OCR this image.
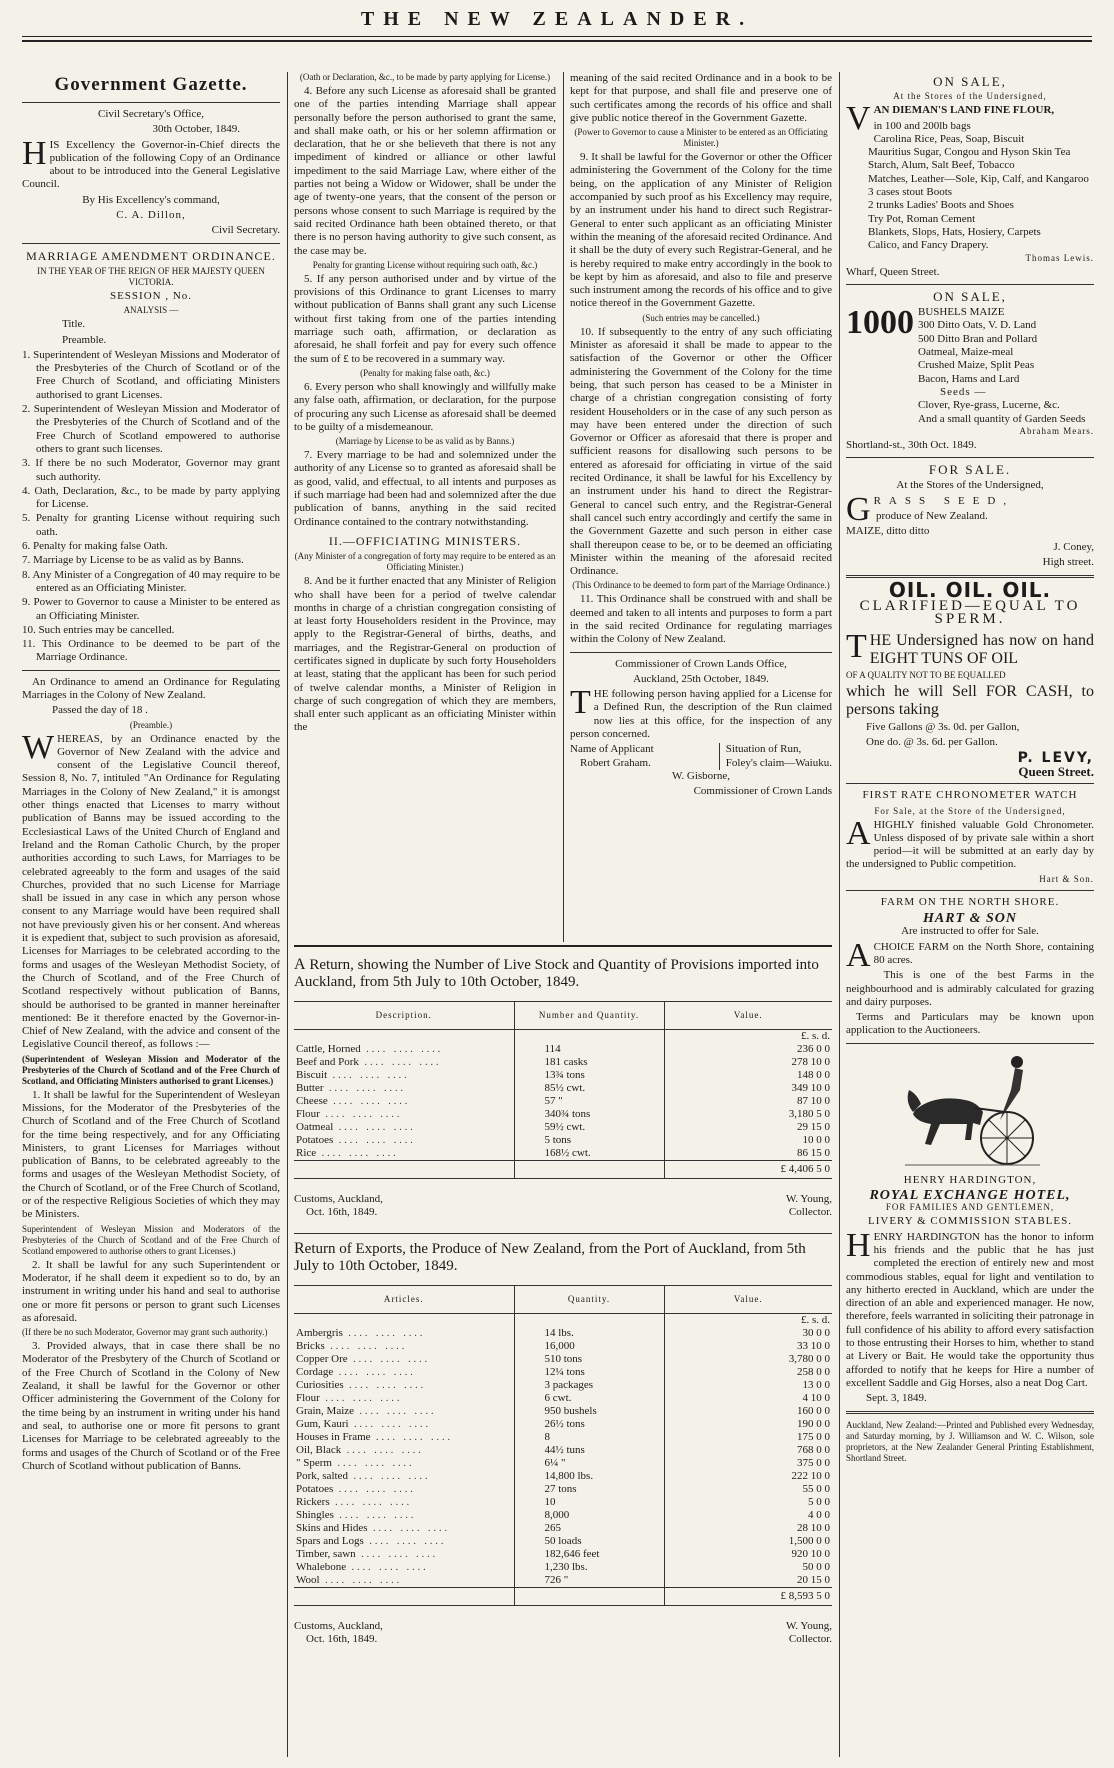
THE NEW ZEALANDER.
Government Gazette.

Civil Secretary's Office,

30th October, 1849.

HIS Excellency the Governor-in-Chief directs the publication of the following Copy of an Ordinance about to be introduced into the General Legislative Council.

By His Excellency's command,

C. A. Dillon,

Civil Secretary.

MARRIAGE AMENDMENT ORDINANCE.

IN THE YEAR OF THE REIGN OF HER MAJESTY QUEEN VICTORIA.

SESSION , No.

ANALYSIS —

Title.

Preamble.

1. Superintendent of Wesleyan Missions and Moderator of the Presbyteries of the Church of Scotland or of the Free Church of Scotland, and officiating Ministers authorised to grant Licenses.
2. Superintendent of Wesleyan Mission and Moderator of the Presbyteries of the Church of Scotland and of the Free Church of Scotland empowered to authorise others to grant such licenses.
3. If there be no such Moderator, Governor may grant such authority.
4. Oath, Declaration, &c., to be made by party applying for License.
5. Penalty for granting License without requiring such oath.
6. Penalty for making false Oath.
7. Marriage by License to be as valid as by Banns.
8. Any Minister of a Congregation of 40 may require to be entered as an Officiating Minister.
9. Power to Governor to cause a Minister to be entered as an Officiating Minister.
10. Such entries may be cancelled.
11. This Ordinance to be deemed to be part of the Marriage Ordinance.

An Ordinance to amend an Ordinance for Regulating Marriages in the Colony of New Zealand.

Passed the day of 18 .

(Preamble.)

WHEREAS, by an Ordinance enacted by the Governor of New Zealand with the advice and consent of the Legislative Council thereof, Session 8, No. 7, intituled "An Ordinance for Regulating Marriages in the Colony of New Zealand," it is amongst other things enacted that Licenses to marry without publication of Banns may be issued according to the Ecclesiastical Laws of the United Church of England and Ireland and the Roman Catholic Church, by the proper authorities according to such Laws, for Marriages to be celebrated agreeably to the form and usages of the said Churches, provided that no such License for Marriage shall be issued in any case in which any person whose consent to any Marriage would have been required shall not have previously given his or her consent. And whereas it is expedient that, subject to such provision as aforesaid, Licenses for Marriages to be celebrated according to the forms and usages of the Wesleyan Methodist Society, of the Church of Scotland, and of the Free Church of Scotland respectively without publication of Banns, should be authorised to be granted in manner hereinafter mentioned: Be it therefore enacted by the Governor-in-Chief of New Zealand, with the advice and consent of the Legislative Council thereof, as follows :—

(Superintendent of Wesleyan Mission and Moderator of the Presbyteries of the Church of Scotland and of the Free Church of Scotland, and Officiating Ministers authorised to grant Licenses.)

1. It shall be lawful for the Superintendent of Wesleyan Missions, for the Moderator of the Presbyteries of the Church of Scotland and of the Free Church of Scotland for the time being respectively, and for any Officiating Ministers, to grant Licenses for Marriages without publication of Banns, to be celebrated agreeably to the forms and usages of the Wesleyan Methodist Society, of the Church of Scotland, or of the Free Church of Scotland, or of the respective Religious Societies of which they may be Ministers.

Superintendent of Wesleyan Mission and Moderators of the Presbyteries of the Church of Scotland and of the Free Church of Scotland empowered to authorise others to grant Licenses.)

2. It shall be lawful for any such Superintendent or Moderator, if he shall deem it expedient so to do, by an instrument in writing under his hand and seal to authorise one or more fit persons or person to grant such Licenses as aforesaid.

(If there be no such Moderator, Governor may grant such authority.)

3. Provided always, that in case there shall be no Moderator of the Presbytery of the Church of Scotland or of the Free Church of Scotland in the Colony of New Zealand, it shall be lawful for the Governor or other Officer administering the Government of the Colony for the time being by an instrument in writing under his hand and seal, to authorise one or more fit persons to grant Licenses for Marriage to be celebrated agreeably to the forms and usages of the Church of Scotland or of the Free Church of Scotland without publication of Banns.

(Oath or Declaration, &c., to be made by party applying for License.)

4. Before any such License as aforesaid shall be granted one of the parties intending Marriage shall appear personally before the person authorised to grant the same, and shall make oath, or his or her solemn affirmation or declaration, that he or she believeth that there is not any impediment of kindred or alliance or other lawful impediment to the said Marriage Law, where either of the parties not being a Widow or Widower, shall be under the age of twenty-one years, that the consent of the person or persons whose consent to such Marriage is required by the said recited Ordinance hath been obtained thereto, or that there is no person having authority to give such consent, as the case may be.

Penalty for granting License without requiring such oath, &c.)

5. If any person authorised under and by virtue of the provisions of this Ordinance to grant Licenses to marry without publication of Banns shall grant any such License without first taking from one of the parties intending marriage such oath, affirmation, or declaration as aforesaid, he shall forfeit and pay for every such offence the sum of £ to be recovered in a summary way.

(Penalty for making false oath, &c.)

6. Every person who shall knowingly and willfully make any false oath, affirmation, or declaration, for the purpose of procuring any such License as aforesaid shall be deemed to be guilty of a misdemeanour.

(Marriage by License to be as valid as by Banns.)

7. Every marriage to be had and solemnized under the authority of any License so to granted as aforesaid shall be as good, valid, and effectual, to all intents and purposes as if such marriage had been had and solemnized after the due publication of banns, anything in the said recited Ordinance contained to the contrary notwithstanding.

II.—OFFICIATING MINISTERS.

(Any Minister of a congregation of forty may require to be entered as an Officiating Minister.)

8. And be it further enacted that any Minister of Religion who shall have been for a period of twelve calendar months in charge of a christian congregation consisting of at least forty Householders resident in the Province, may apply to the Registrar-General of births, deaths, and marriages, and the Registrar-General on production of certificates signed in duplicate by such forty Householders at least, stating that the applicant has been for such period of twelve calendar months, a Minister of Religion in charge of such congregation of which they are members, shall enter such applicant as an officiating Minister within the

meaning of the said recited Ordinance and in a book to be kept for that purpose, and shall file and preserve one of such certificates among the records of his office and shall give public notice thereof in the Government Gazette.

(Power to Governor to cause a Minister to be entered as an Officiating Minister.)

9. It shall be lawful for the Governor or other the Officer administering the Government of the Colony for the time being, on the application of any Minister of Religion accompanied by such proof as his Excellency may require, by an instrument under his hand to direct such Registrar-General to enter such applicant as an officiating Minister within the meaning of the aforesaid recited Ordinance. And it shall be the duty of every such Registrar-General, and he is hereby required to make entry accordingly in the book to be kept by him as aforesaid, and also to file and preserve such instrument among the records of his office and to give notice thereof in the Government Gazette.

(Such entries may be cancelled.)

10. If subsequently to the entry of any such officiating Minister as aforesaid it shall be made to appear to the satisfaction of the Governor or other the Officer administering the Government of the Colony for the time being, that such person has ceased to be a Minister in charge of a christian congregation consisting of forty resident Householders or in the case of any such person as may have been entered under the direction of such Governor or Officer as aforesaid that there is proper and sufficient reasons for disallowing such persons to be entered as aforesaid for officiating in virtue of the said recited Ordinance, it shall be lawful for his Excellency by an instrument under his hand to direct the Registrar-General to cancel such entry, and the Registrar-General shall cancel such entry accordingly and certify the same in the Government Gazette and such person in either case shall thereupon cease to be, or to be deemed an officiating Minister within the meaning of the aforesaid recited Ordinance.

(This Ordinance to be deemed to form part of the Marriage Ordinance.)

11. This Ordinance shall be construed with and shall be deemed and taken to all intents and purposes to form a part in the said recited Ordinance for regulating marriages within the Colony of New Zealand.

Commissioner of Crown Lands Office,

Auckland, 25th October, 1849.

THE following person having applied for a License for a Defined Run, the description of the Run claimed now lies at this office, for the inspection of any person concerned.

Name of Applicant
Robert Graham.
Situation of Run,
Foley's claim—Waiuku.

W. Gisborne,

Commissioner of Crown Lands

A Return, showing the Number of Live Stock and Quantity of Provisions imported into Auckland, from 5th July to 10th October, 1849.
Description.	Number and Quantity.	Value.
		£. s. d.
Cattle, Horned .... .... ....	114	236 0 0
Beef and Pork .... .... ....	181 casks	278 10 0
Biscuit .... .... ....	13¾ tons	148 0 0
Butter .... .... ....	85½ cwt.	349 10 0
Cheese .... .... ....	57 "	87 10 0
Flour .... .... ....	340¾ tons	3,180 5 0
Oatmeal .... .... ....	59½ cwt.	29 15 0
Potatoes .... .... ....	5 tons	10 0 0
Rice .... .... ....	168½ cwt.	86 15 0
		£ 4,406 5 0
Customs, Auckland,
Oct. 16th, 1849.
W. Young,
Collector.
Return of Exports, the Produce of New Zealand, from the Port of Auckland, from 5th July to 10th October, 1849.
Articles.	Quantity.	Value.
		£. s. d.
Ambergris .... .... ....	14 lbs.	30 0 0
Bricks .... .... ....	16,000	33 10 0
Copper Ore .... .... ....	510 tons	3,780 0 0
Cordage .... .... ....	12¼ tons	258 0 0
Curiosities .... .... ....	3 packages	13 0 0
Flour .... .... ....	6 cwt.	4 10 0
Grain, Maize .... .... ....	950 bushels	160 0 0
Gum, Kauri .... .... ....	26½ tons	190 0 0
Houses in Frame .... .... ....	8	175 0 0
Oil, Black .... .... ....	44½ tuns	768 0 0
" Sperm .... .... ....	6¼ "	375 0 0
Pork, salted .... .... ....	14,800 lbs.	222 10 0
Potatoes .... .... ....	27 tons	55 0 0
Rickers .... .... ....	10	5 0 0
Shingles .... .... ....	8,000	4 0 0
Skins and Hides .... .... ....	265	28 10 0
Spars and Logs .... .... ....	50 loads	1,500 0 0
Timber, sawn .... .... ....	182,646 feet	920 10 0
Whalebone .... .... ....	1,230 lbs.	50 0 0
Wool .... .... ....	726 "	20 15 0
		£ 8,593 5 0
Customs, Auckland,
Oct. 16th, 1849.
W. Young,
Collector.
ON SALE,

At the Stores of the Undersigned,

VAN DIEMAN'S LAND FINE FLOUR,

in 100 and 200lb bags
Carolina Rice, Peas, Soap, Biscuit
Mauritius Sugar, Congou and Hyson Skin Tea
Starch, Alum, Salt Beef, Tobacco
Matches, Leather—Sole, Kip, Calf, and Kangaroo
3 cases stout Boots
2 trunks Ladies' Boots and Shoes
Try Pot, Roman Cement
Blankets, Slops, Hats, Hosiery, Carpets
Calico, and Fancy Drapery.

Thomas Lewis.

Wharf, Queen Street.

ON SALE,
1000 BUSHELS MAIZE
300 Ditto Oats, V. D. Land
500 Ditto Bran and Pollard
Oatmeal, Maize-meal
Crushed Maize, Split Peas
Bacon, Hams and Lard
Seeds —
Clover, Rye-grass, Lucerne, &c.
And a small quantity of Garden Seeds

Abraham Mears.

Shortland-st., 30th Oct. 1849.

FOR SALE.

At the Stores of the Undersigned,

GRASS SEED,

produce of New Zealand.

MAIZE, ditto ditto

J. Coney,

High street.

OIL. OIL. OIL.
CLARIFIED—EQUAL TO SPERM.

THE Undersigned has now on hand EIGHT TUNS OF OIL

OF A QUALITY NOT TO BE EQUALLED

which he will Sell FOR CASH, to persons taking

Five Gallons @ 3s. 0d. per Gallon,

One do. @ 3s. 6d. per Gallon.

P. LEVY,

Queen Street.

FIRST RATE CHRONOMETER WATCH

For Sale, at the Store of the Undersigned,

AHIGHLY finished valuable Gold Chronometer. Unless disposed of by private sale within a short period—it will be submitted at an early day by the undersigned to Public competition.

Hart & Son.

FARM ON THE NORTH SHORE.
HART & SON

Are instructed to offer for Sale.

ACHOICE FARM on the North Shore, containing 80 acres.

This is one of the best Farms in the neighbourhood and is admirably calculated for grazing and dairy purposes.

Terms and Particulars may be known upon application to the Auctioneers.

HENRY HARDINGTON,

ROYAL EXCHANGE HOTEL,

FOR FAMILIES AND GENTLEMEN,

LIVERY & COMMISSION STABLES.

HENRY HARDINGTON has the honor to inform his friends and the public that he has just completed the erection of entirely new and most commodious stables, equal for light and ventilation to any hitherto erected in Auckland, which are under the direction of an able and experienced manager. He now, therefore, feels warranted in soliciting their patronage in full confidence of his ability to afford every satisfaction to those entrusting their Horses to him, whether to stand at Livery or Bait. He would take the opportunity thus afforded to notify that he keeps for Hire a number of excellent Saddle and Gig Horses, also a neat Dog Cart.

Sept. 3, 1849.

Auckland, New Zealand:—Printed and Published every Wednesday, and Saturday morning, by J. Williamson and W. C. Wilson, sole proprietors, at the New Zealander General Printing Establishment, Shortland Street.
